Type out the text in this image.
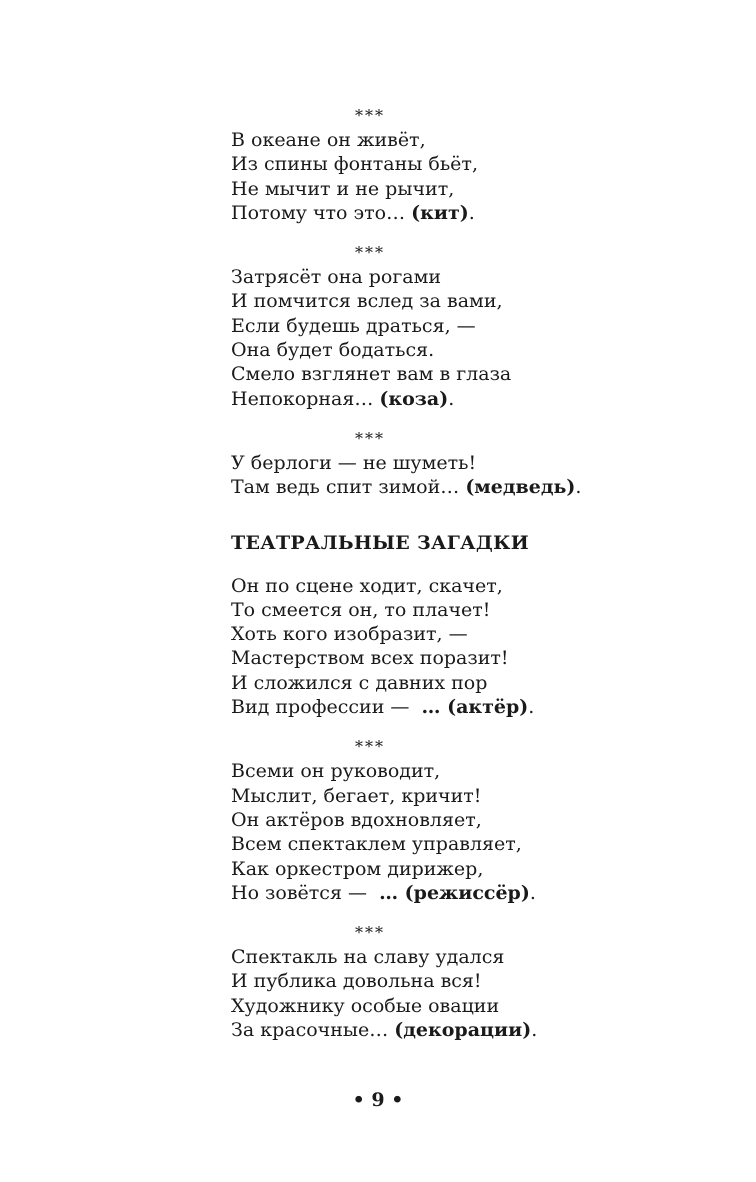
***
В океане он живёт,
Из спины фонтаны бьёт,
Не мычит и не рычит,
Потому что это… (кит).
***
Затрясёт она рогами
И помчится вслед за вами,
Если будешь драться, —
Она будет бодаться.
Смело взглянет вам в глаза
Непокорная… (коза).
***
У берлоги — не шуметь!
Там ведь спит зимой… (медведь).
ТЕАТРАЛЬНЫЕ ЗАГАДКИ
Он по сцене ходит, скачет,
То смеется он, то плачет!
Хоть кого изобразит, —
Мастерством всех поразит!
И сложился с давних пор
Вид профессии —  … (актёр).
***
Всеми он руководит,
Мыслит, бегает, кричит!
Он актёров вдохновляет,
Всем спектаклем управляет,
Как оркестром дирижер,
Но зовётся —  … (режиссёр).
***
Спектакль на славу удался
И публика довольна вся!
Художнику особые овации
За красочные… (декорации).
• 9 •
